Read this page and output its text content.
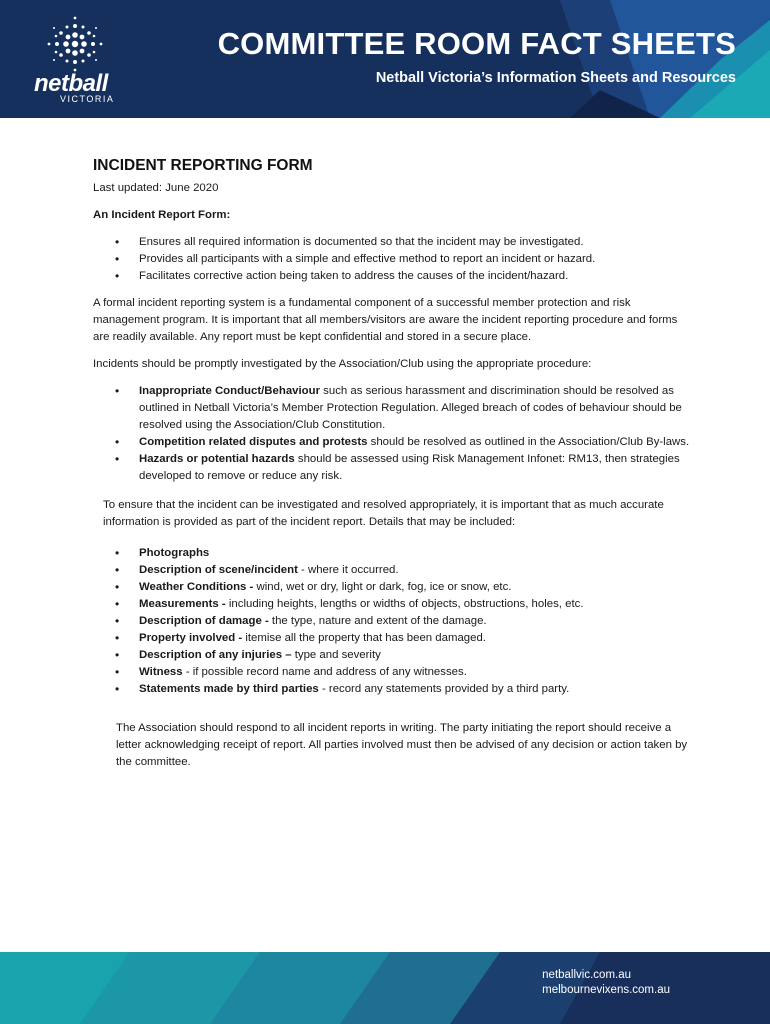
netball
VICTORIA
COMMITTEE ROOM FACT SHEETS
Netball Victoria’s Information Sheets and Resources
INCIDENT REPORTING FORM
Last updated: June 2020
An Incident Report Form:
• Ensures all required information is documented so that the incident may be investigated.
• Provides all participants with a simple and effective method to report an incident or hazard.
• Facilitates corrective action being taken to address the causes of the incident/hazard.

A formal incident reporting system is a fundamental component of a successful member protection and risk management program. It is important that all members/visitors are aware the incident reporting procedure and forms are readily available. Any report must be kept confidential and stored in a secure place.

Incidents should be promptly investigated by the Association/Club using the appropriate procedure:

• Inappropriate Conduct/Behaviour such as serious harassment and discrimination should be resolved as outlined in Netball Victoria’s Member Protection Regulation. Alleged breach of codes of behaviour should be resolved using the Association/Club Constitution.
• Competition related disputes and protests should be resolved as outlined in the Association/Club By-laws.
• Hazards or potential hazards should be assessed using Risk Management Infonet: RM13, then strategies developed to remove or reduce any risk.

To ensure that the incident can be investigated and resolved appropriately, it is important that as much accurate information is provided as part of the incident report. Details that may be included:

• Photographs
• Description of scene/incident - where it occurred.
• Weather Conditions - wind, wet or dry, light or dark, fog, ice or snow, etc.
• Measurements - including heights, lengths or widths of objects, obstructions, holes, etc.
• Description of damage - the type, nature and extent of the damage.
• Property involved - itemise all the property that has been damaged.
• Description of any injuries – type and severity
• Witness - if possible record name and address of any witnesses.
• Statements made by third parties - record any statements provided by a third party.

The Association should respond to all incident reports in writing. The party initiating the report should receive a letter acknowledging receipt of report. All parties involved must then be advised of any decision or action taken by the committee.

netballvic.com.au
melbournevixens.com.au
